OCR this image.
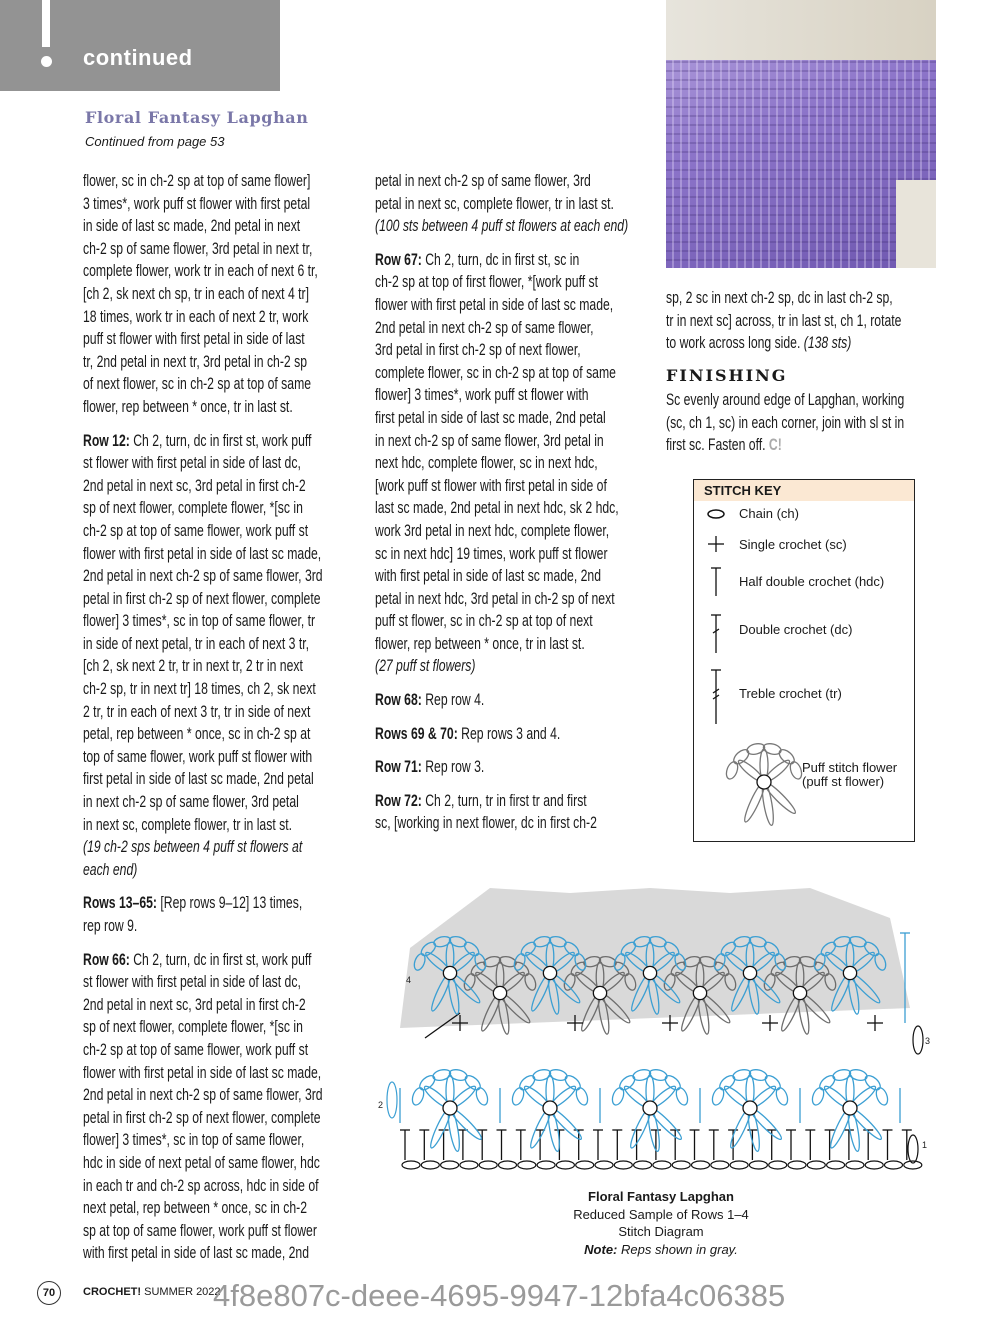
continued
Floral Fantasy Lapghan
Continued from page 53
flower, sc in ch-2 sp at top of same flower]
3 times*, work puff st flower with first petal
in side of last sc made, 2nd petal in next
ch-2 sp of same flower, 3rd petal in next tr,
complete flower, work tr in each of next 6 tr,
[ch 2, sk next ch sp, tr in each of next 4 tr]
18 times, work tr in each of next 2 tr, work
puff st flower with first petal in side of last
tr, 2nd petal in next tr, 3rd petal in ch-2 sp
of next flower, sc in ch-2 sp at top of same
flower, rep between * once, tr in last st.
Row 12: Ch 2, turn, dc in first st, work puff
st flower with first petal in side of last dc,
2nd petal in next sc, 3rd petal in first ch-2
sp of next flower, complete flower, *[sc in
ch-2 sp at top of same flower, work puff st
flower with first petal in side of last sc made,
2nd petal in next ch-2 sp of same flower, 3rd
petal in first ch-2 sp of next flower, complete
flower] 3 times*, sc in top of same flower, tr
in side of next petal, tr in each of next 3 tr,
[ch 2, sk next 2 tr, tr in next tr, 2 tr in next
ch-2 sp, tr in next tr] 18 times, ch 2, sk next
2 tr, tr in each of next 3 tr, tr in side of next
petal, rep between * once, sc in ch-2 sp at
top of same flower, work puff st flower with
first petal in side of last sc made, 2nd petal
in next ch-2 sp of same flower, 3rd petal
in next sc, complete flower, tr in last st.
(19 ch-2 sps between 4 puff st flowers at
each end)
Rows 13–65: [Rep rows 9–12] 13 times,
rep row 9.
Row 66: Ch 2, turn, dc in first st, work puff
st flower with first petal in side of last dc,
2nd petal in next sc, 3rd petal in first ch-2
sp of next flower, complete flower, *[sc in
ch-2 sp at top of same flower, work puff st
flower with first petal in side of last sc made,
2nd petal in next ch-2 sp of same flower, 3rd
petal in first ch-2 sp of next flower, complete
flower] 3 times*, sc in top of same flower,
hdc in side of next petal of same flower, hdc
in each tr and ch-2 sp across, hdc in side of
next petal, rep between * once, sc in ch-2
sp at top of same flower, work puff st flower
with first petal in side of last sc made, 2nd
petal in next ch-2 sp of same flower, 3rd
petal in next sc, complete flower, tr in last st.
(100 sts between 4 puff st flowers at each end)
Row 67: Ch 2, turn, dc in first st, sc in
ch-2 sp at top of first flower, *[work puff st
flower with first petal in side of last sc made,
2nd petal in next ch-2 sp of same flower,
3rd petal in first ch-2 sp of next flower,
complete flower, sc in ch-2 sp at top of same
flower] 3 times*, work puff st flower with
first petal in side of last sc made, 2nd petal
in next ch-2 sp of same flower, 3rd petal in
next hdc, complete flower, sc in next hdc,
[work puff st flower with first petal in side of
last sc made, 2nd petal in next hdc, sk 2 hdc,
work 3rd petal in next hdc, complete flower,
sc in next hdc] 19 times, work puff st flower
with first petal in side of last sc made, 2nd
petal in next hdc, 3rd petal in ch-2 sp of next
puff st flower, sc in ch-2 sp at top of next
flower, rep between * once, tr in last st.
(27 puff st flowers)
Row 68: Rep row 4.
Rows 69 & 70: Rep rows 3 and 4.
Row 71: Rep row 3.
Row 72: Ch 2, turn, tr in first tr and first
sc, [working in next flower, dc in first ch-2
sp, 2 sc in next ch-2 sp, dc in last ch-2 sp,
tr in next sc] across, tr in last st, ch 1, rotate
to work across long side. (138 sts)
FINISHING
Sc evenly around edge of Lapghan, working
(sc, ch 1, sc) in each corner, join with sl st in
first sc. Fasten off. C!
STITCH KEY
Chain (ch)
Single crochet (sc)
Half double crochet (hdc)
Double crochet (dc)
Treble crochet (tr)
Puff stitch flower
(puff st flower)
1
2
3
4
Floral Fantasy Lapghan
Reduced Sample of Rows 1–4
Stitch Diagram
Note: Reps shown in gray.
70	CROCHET! SUMMER 2022
4f8e807c-deee-4695-9947-12bfa4c06385
